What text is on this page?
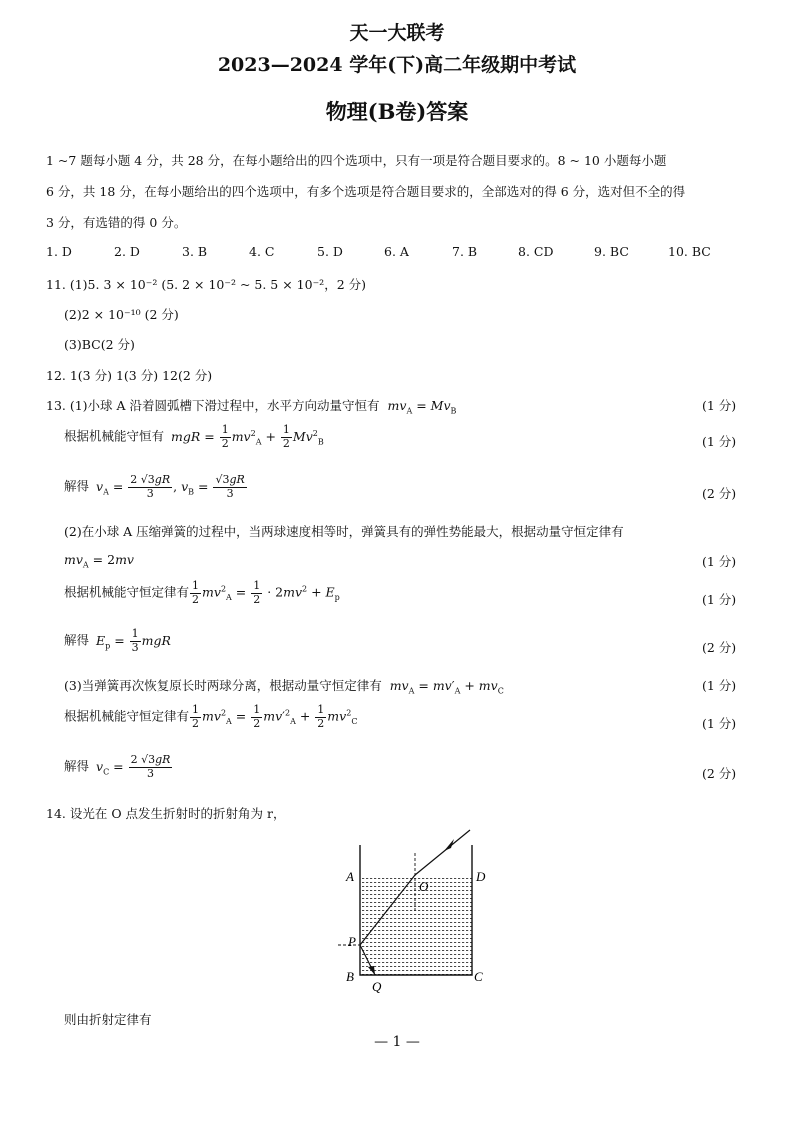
天一大联考
2023—2024 学年(下)高二年级期中考试
物理(B卷)答案
1 ~7 题每小题 4 分，共 28 分，在每小题给出的四个选项中，只有一项是符合题目要求的。8 ~ 10 小题每小题
6 分，共 18 分，在每小题给出的四个选项中，有多个选项是符合题目要求的，全部选对的得 6 分，选对但不全的得
3 分，有选错的得 0 分。
1. D	2. D	3. B	4. C	5. D	6. A	7. B	8. CD	9. BC	10. BC
11. (1)5. 3 × 10⁻² (5. 2 × 10⁻² ~ 5. 5 × 10⁻²，2 分)
(2)2 × 10⁻¹⁰ (2 分)
(3)BC(2 分)
12. 1(3 分) 1(3 分) 12(2 分)
13. (1)小球 A 沿着圆弧槽下滑过程中，水平方向动量守恒有 $mv_A = Mv_B$	(1 分)
根据机械能守恒有 mgR = $\frac{1}{2} mv^2_A + \frac{1}{2} Mv^2_B$	(1 分)
解得 $v_A = \frac{2 √3gR}{3}$ , $v_B = \frac{√3gR}{3}$	(2 分)
(2)在小球 A 压缩弹簧的过程中，当两球速度相等时，弹簧具有的弹性势能最大，根据动量守恒定律有
$mv_A = 2mv$	(1 分)
根据机械能守恒定律有 $\frac{1}{2} mv^2_A = \frac{1}{2} \cdot 2mv^2 + E_p$	(1 分)
解得 $E_p = \frac{1}{3}$ mgR	(2 分)
(3)当弹簧再次恢复原长时两球分离，根据动量守恒定律有 $mv_A = mv'_A + mv_C$	(1 分)
根据机械能守恒定律有 $\frac{1}{2} mv^2_A = \frac{1}{2} mv'^2_A + \frac{1}{2} mv^2_C$	(1 分)
解得 $v_C = \frac{2 √3gR}{3}$	(2 分)
14. 设光在 O 点发生折射时的折射角为 r，
A	D
O
P
B	C
Q
则由折射定律有
— 1 —
